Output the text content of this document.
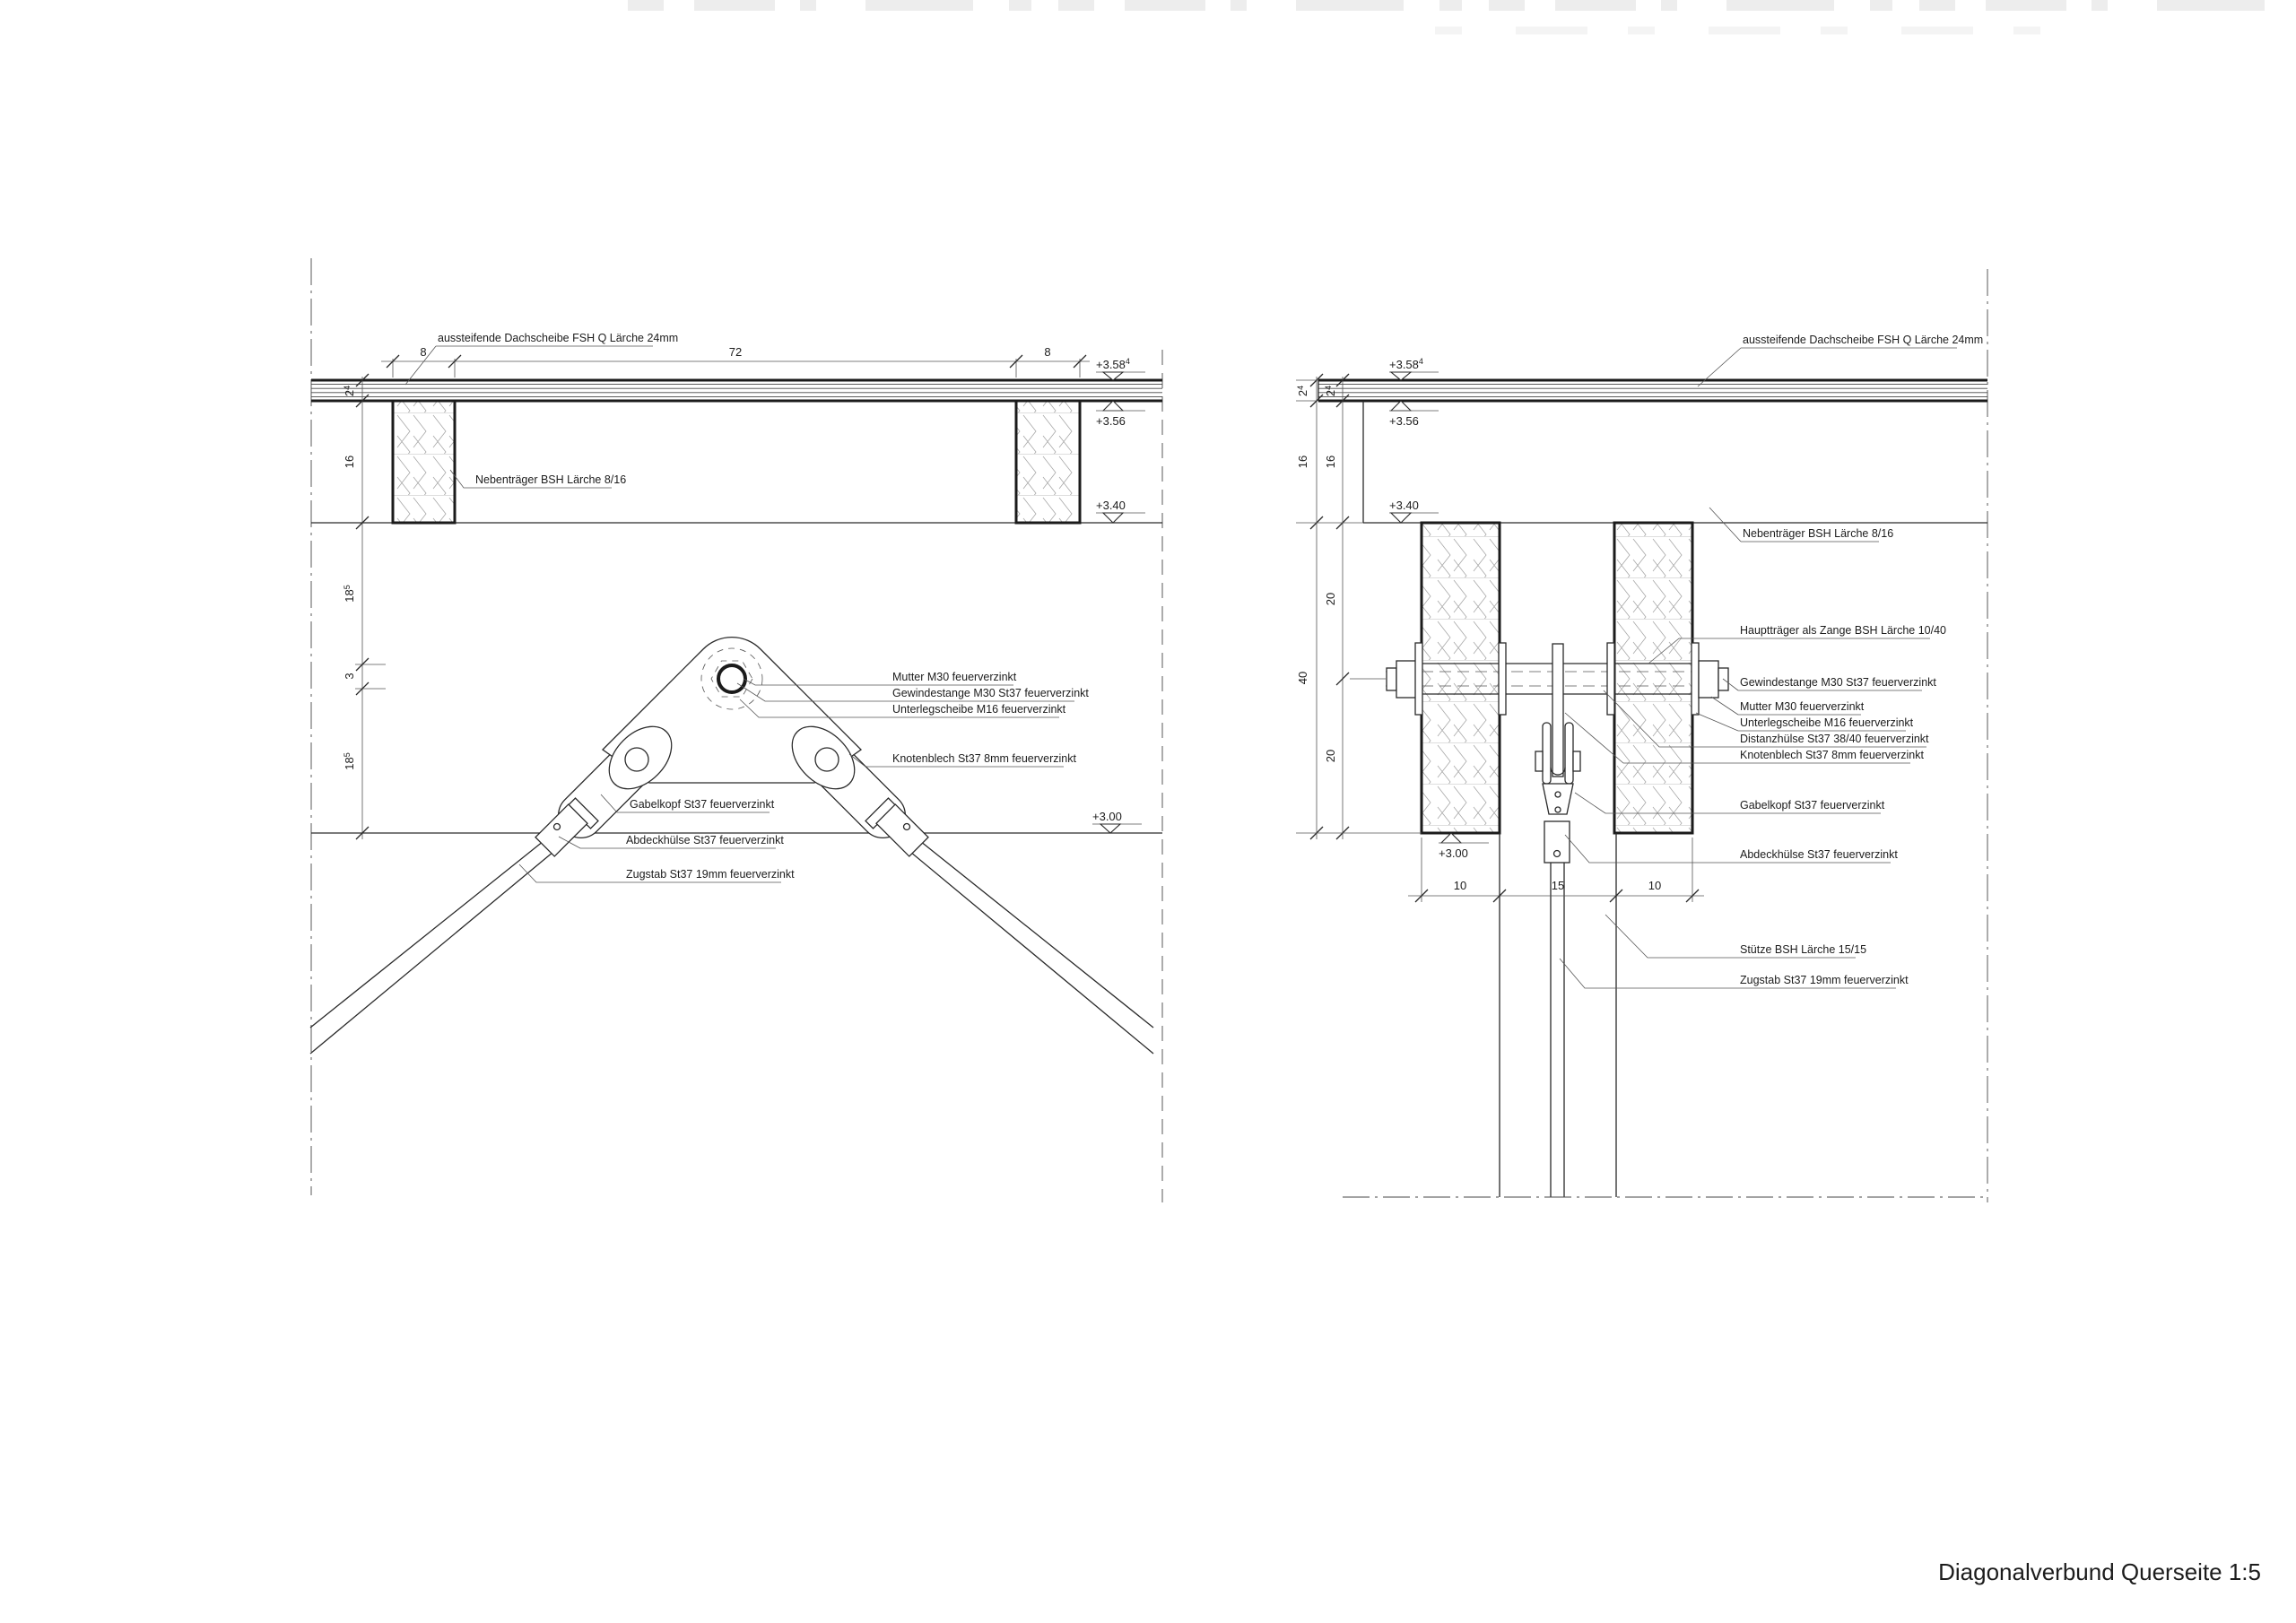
8	72	8
$2^4$
16
$18^5$
3
$18^5$
$+3.58^4$
+3.56
+3.40
+3.00
aussteifende Dachscheibe FSH Q Lärche 24mm
Nebenträger BSH Lärche 8/16
Mutter M30 feuerverzinkt
Gewindestange M30 St37 feuerverzinkt
Unterlegscheibe M16 feuerverzinkt
Knotenblech St37 8mm feuerverzinkt
Gabelkopf St37 feuerverzinkt
Abdeckhülse St37 feuerverzinkt
Zugstab St37 19mm feuerverzinkt
$2^4$
16
40
$2^4$
16
20
20
10	15	10
$+3.58^4$
+3.56
+3.40
+3.00
aussteifende Dachscheibe FSH Q Lärche 24mm
Nebenträger BSH Lärche 8/16
Hauptträger als Zange BSH Lärche 10/40
Gewindestange M30 St37 feuerverzinkt
Mutter M30 feuerverzinkt
Unterlegscheibe M16 feuerverzinkt
Distanzhülse St37 38/40 feuerverzinkt
Knotenblech St37 8mm feuerverzinkt
Gabelkopf St37 feuerverzinkt
Abdeckhülse St37 feuerverzinkt
Stütze BSH Lärche 15/15
Zugstab St37 19mm feuerverzinkt
Diagonalverbund Querseite 1:5
